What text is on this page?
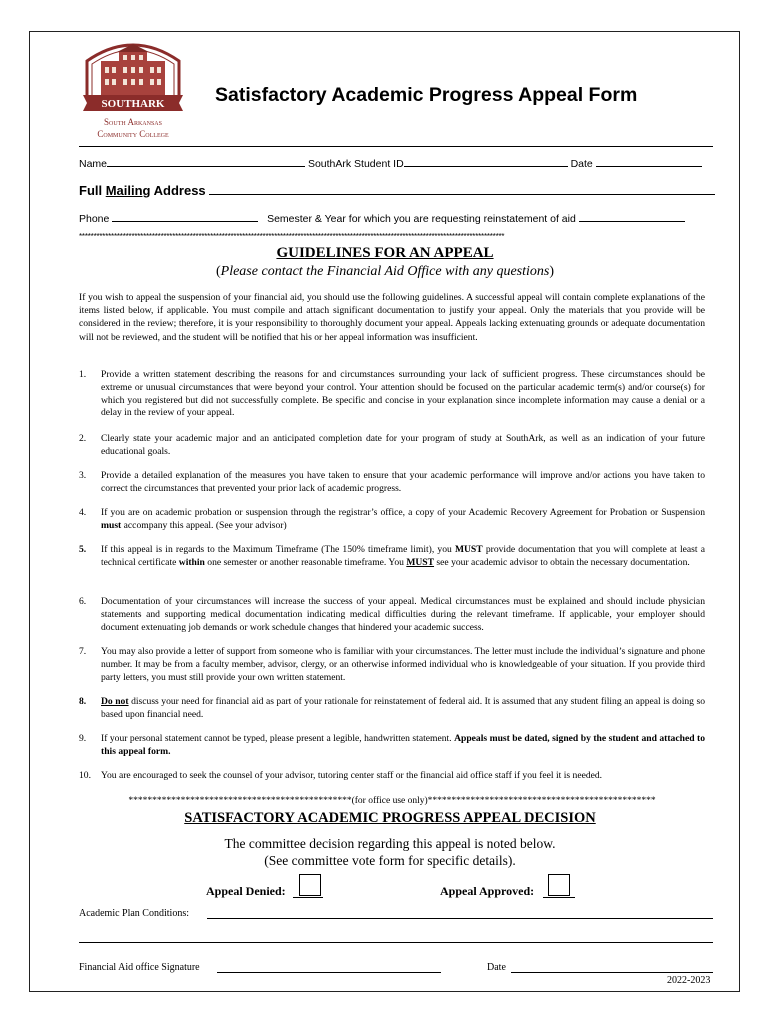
SOUTHARK
South Arkansas
Community College
Satisfactory Academic Progress Appeal Form
Name	SouthArk Student ID	Date
Full Mailing Address
Phone	Semester & Year for which you are requesting reinstatement of aid
**************************************************************************************************************************************************
GUIDELINES FOR AN APPEAL
(Please contact the Financial Aid Office with any questions)
If you wish to appeal the suspension of your financial aid, you should use the following guidelines. A successful appeal will contain complete explanations of the items listed below, if applicable. You must compile and attach significant documentation to justify your appeal. Only the materials that you provide will be considered in the review; therefore, it is your responsibility to thoroughly document your appeal. Appeals lacking extenuating grounds or adequate documentation will not be reviewed, and the student will be notified that his or her appeal information was insufficient.
1.	Provide a written statement describing the reasons for and circumstances surrounding your lack of sufficient progress. These circumstances should be extreme or unusual circumstances that were beyond your control. Your attention should be focused on the particular academic term(s) and/or course(s) for which you registered but did not successfully complete. Be specific and concise in your explanation since incomplete information may cause a denial or a delay in the review of your appeal.
2.	Clearly state your academic major and an anticipated completion date for your program of study at SouthArk, as well as an indication of your future educational goals.
3.	Provide a detailed explanation of the measures you have taken to ensure that your academic performance will improve and/or actions you have taken to correct the circumstances that prevented your prior lack of academic progress.
4.	If you are on academic probation or suspension through the registrar’s office, a copy of your Academic Recovery Agreement for Probation or Suspension must accompany this appeal. (See your advisor)
5.	If this appeal is in regards to the Maximum Timeframe (The 150% timeframe limit), you MUST provide documentation that you will complete at least a technical certificate within one semester or another reasonable timeframe. You MUST see your academic advisor to obtain the necessary documentation.
6.	Documentation of your circumstances will increase the success of your appeal. Medical circumstances must be explained and should include physician statements and supporting medical documentation indicating medical difficulties during the relevant timeframe. If applicable, your employer should document extenuating job demands or work schedule changes that hindered your academic success.
7.	You may also provide a letter of support from someone who is familiar with your circumstances. The letter must include the individual’s signature and phone number. It may be from a faculty member, advisor, clergy, or an otherwise informed individual who is knowledgeable of your situation. If you provide third party letters, you must still provide your own written statement.
8.	Do not discuss your need for financial aid as part of your rationale for reinstatement of federal aid. It is assumed that any student filing an appeal is doing so based upon financial need.
9.	If your personal statement cannot be typed, please present a legible, handwritten statement. Appeals must be dated, signed by the student and attached to this appeal form.
10.	You are encouraged to seek the counsel of your advisor, tutoring center staff or the financial aid office staff if you feel it is needed.
***********************************************(for office use only)************************************************
SATISFACTORY ACADEMIC PROGRESS APPEAL DECISION
The committee decision regarding this appeal is noted below.
(See committee vote form for specific details).
Appeal Denied:	Appeal Approved:
Academic Plan Conditions:
Financial Aid office Signature	Date
2022-2023
